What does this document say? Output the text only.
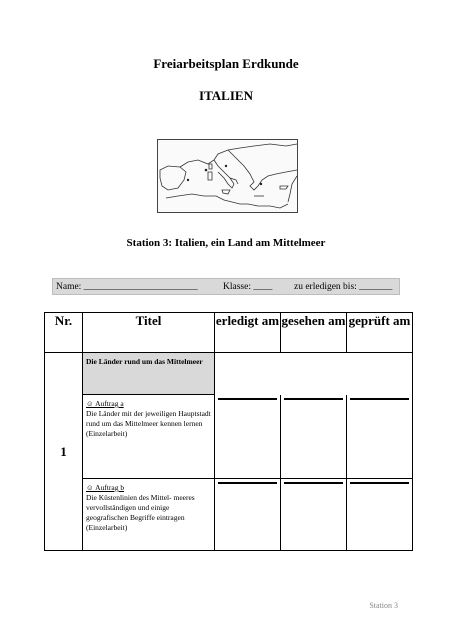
Freiarbeitsplan Erdkunde
ITALIEN
Station 3: Italien, ein Land am Mittelmeer
Name: ________________________	Klasse: ____ zu erledigen bis: _______
Nr.	Titel	erledigt am	gesehen am	geprüft am
1	Die Länder rund um das Mittelmeer			

	☺ Auftrag a
Die Länder mit der jeweiligen Hauptstadt rund um das Mittelmeer kennen lernen (Einzelarbeit)			

	☺ Auftrag b
Die Küstenlinien des Mittel- meeres vervollständigen und einige geografischen Begriffe eintragen (Einzelarbeit)			

Station 3
